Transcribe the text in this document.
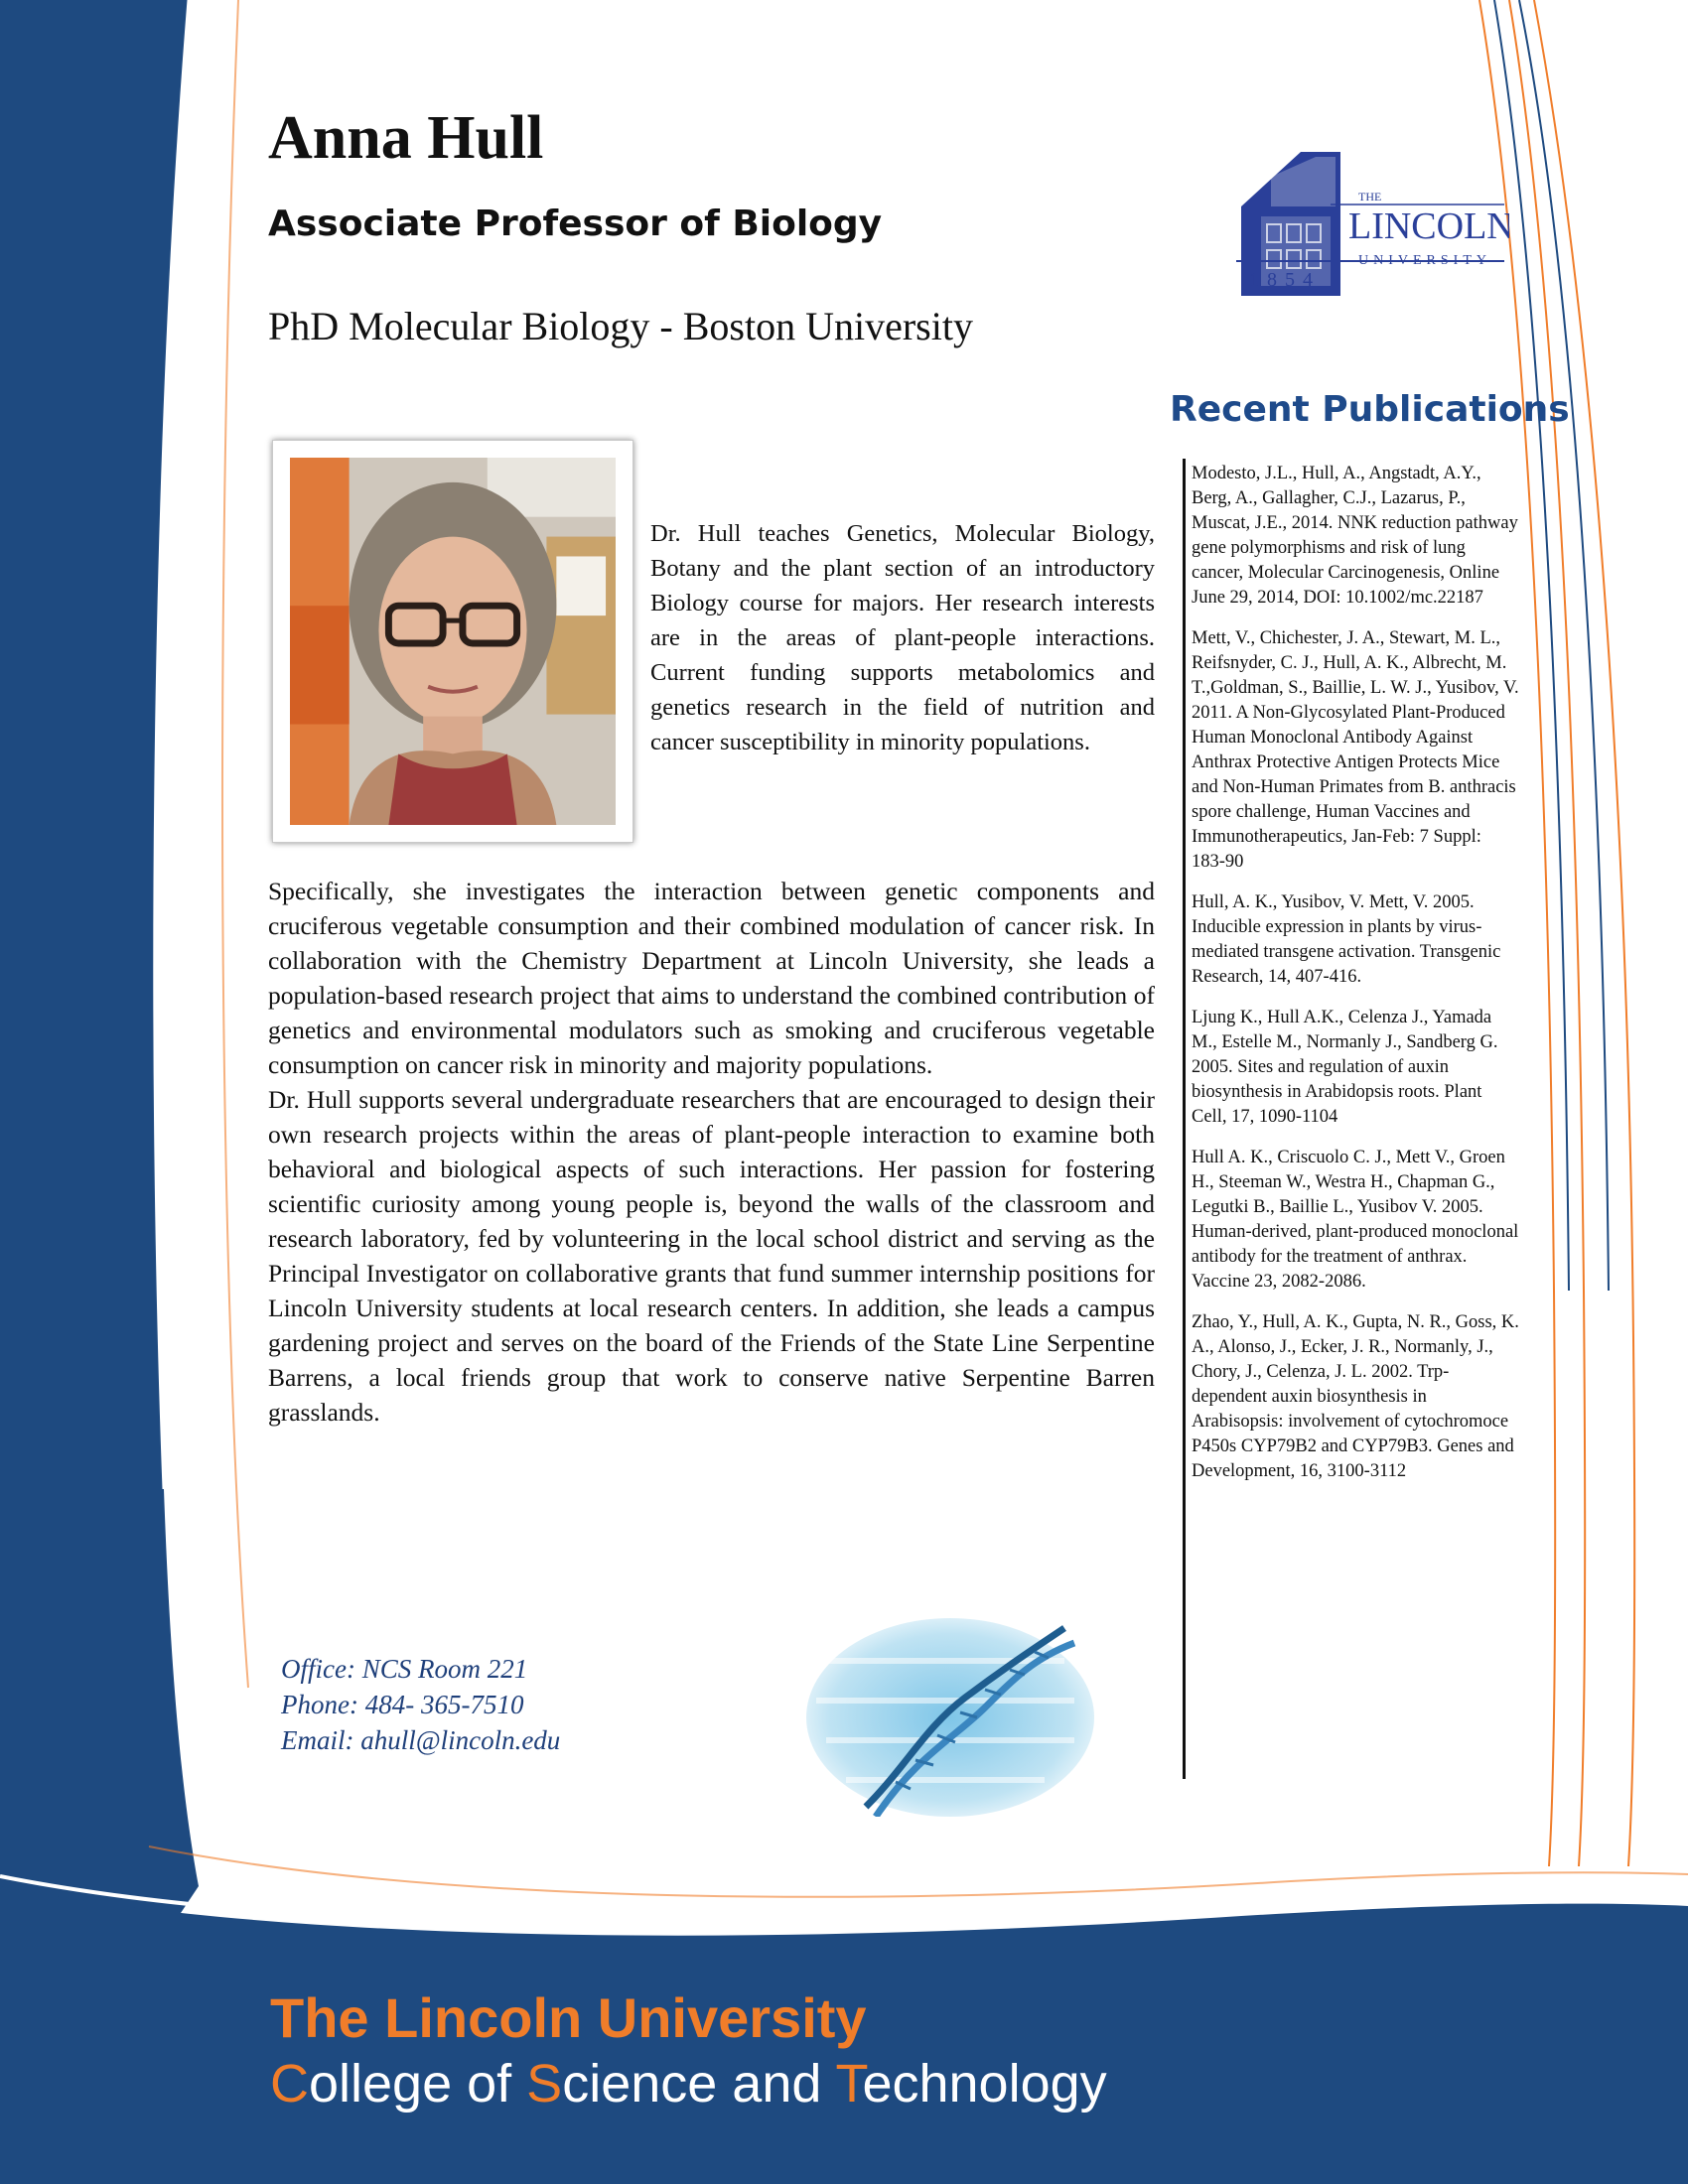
Anna Hull
Associate Professor of Biology
PhD Molecular Biology - Boston University
THE
LINCOLN
UNIVERSITY
1854
Recent Publications

Modesto, J.L., Hull, A., Angstadt, A.Y., Berg, A., Gallagher, C.J., Lazarus, P., Muscat, J.E., 2014. NNK reduction pathway gene polymorphisms and risk of lung cancer, Molecular Carcinogenesis, Online June 29, 2014, DOI: 10.1002/mc.22187

Mett, V., Chichester, J. A., Stewart, M. L., Reifsnyder, C. J., Hull, A. K., Albrecht, M. T.,Goldman, S., Baillie, L. W. J., Yusibov, V. 2011. A Non-Glycosylated Plant-Produced Human Monoclonal Antibody Against Anthrax Protective Antigen Protects Mice and Non-Human Primates from B. anthracis spore challenge, Human Vaccines and Immunotherapeutics, Jan-Feb: 7 Suppl: 183-90

Hull, A. K., Yusibov, V. Mett, V. 2005. Inducible expression in plants by virus-mediated transgene activation. Transgenic Research, 14, 407-416.

Ljung K., Hull A.K., Celenza J., Yamada M., Estelle M., Normanly J., Sandberg G. 2005. Sites and regulation of auxin biosynthesis in Arabidopsis roots. Plant Cell, 17, 1090-1104

Hull A. K., Criscuolo C. J., Mett V., Groen H., Steeman W., Westra H., Chapman G., Legutki B., Baillie L., Yusibov V. 2005. Human-derived, plant-produced monoclonal antibody for the treatment of anthrax. Vaccine 23, 2082-2086.

Zhao, Y., Hull, A. K., Gupta, N. R., Goss, K. A., Alonso, J., Ecker, J. R., Normanly, J., Chory, J., Celenza, J. L. 2002. Trp-dependent auxin biosynthesis in Arabisopsis: involvement of cytochromoce P450s CYP79B2 and CYP79B3. Genes and Development, 16, 3100-3112

Dr. Hull teaches Genetics, Molecular Biology, Botany and the plant section of an introductory Biology course for majors. Her research interests are in the areas of plant-people interactions. Current funding supports metabolomics and genetics research in the field of nutrition and cancer susceptibility in minority populations.

Specifically, she investigates the interaction between genetic components and cruciferous vegetable consumption and their combined modulation of cancer risk. In collaboration with the Chemistry Department at Lincoln University, she leads a population-based research project that aims to understand the combined contribution of genetics and environmental modulators such as smoking and cruciferous vegetable consumption on cancer risk in minority and majority populations.

Dr. Hull supports several undergraduate researchers that are encouraged to design their own research projects within the areas of plant-people interaction to examine both behavioral and biological aspects of such interactions. Her passion for fostering scientific curiosity among young people is, beyond the walls of the classroom and research laboratory, fed by volunteering in the local school district and serving as the Principal Investigator on collaborative grants that fund summer internship positions for Lincoln University students at local research centers. In addition, she leads a campus gardening project and serves on the board of the Friends of the State Line Serpentine Barrens, a local friends group that work to conserve native Serpentine Barren grasslands.

Office: NCS Room 221
Phone: 484- 365-7510
Email: ahull@lincoln.edu
The Lincoln University
College of Science and Technology
